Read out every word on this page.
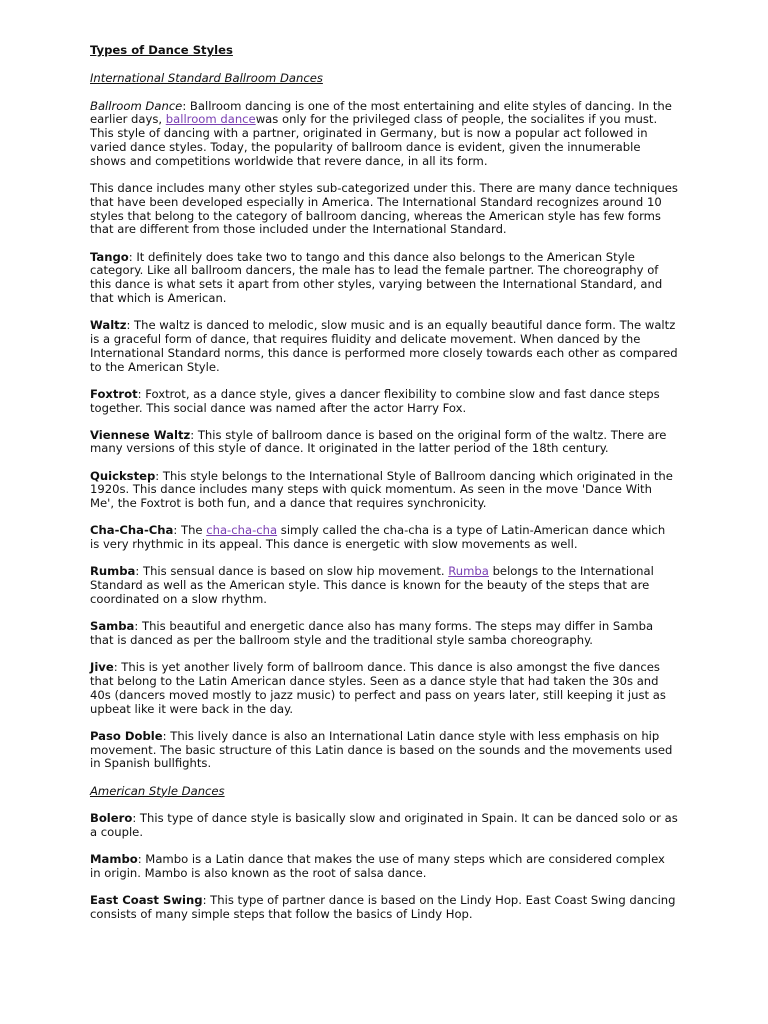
Types of Dance Styles
International Standard Ballroom Dances

Ballroom Dance: Ballroom dancing is one of the most entertaining and elite styles of dancing. In the earlier days, ballroom dancewas only for the privileged class of people, the socialites if you must. This style of dancing with a partner, originated in Germany, but is now a popular act followed in varied dance styles. Today, the popularity of ballroom dance is evident, given the innumerable shows and competitions worldwide that revere dance, in all its form.

This dance includes many other styles sub-categorized under this. There are many dance techniques that have been developed especially in America. The International Standard recognizes around 10 styles that belong to the category of ballroom dancing, whereas the American style has few forms that are different from those included under the International Standard.

Tango: It definitely does take two to tango and this dance also belongs to the American Style category. Like all ballroom dancers, the male has to lead the female partner. The choreography of this dance is what sets it apart from other styles, varying between the International Standard, and that which is American.

Waltz: The waltz is danced to melodic, slow music and is an equally beautiful dance form. The waltz is a graceful form of dance, that requires fluidity and delicate movement. When danced by the International Standard norms, this dance is performed more closely towards each other as compared to the American Style.

Foxtrot: Foxtrot, as a dance style, gives a dancer flexibility to combine slow and fast dance steps together. This social dance was named after the actor Harry Fox.

Viennese Waltz: This style of ballroom dance is based on the original form of the waltz. There are many versions of this style of dance. It originated in the latter period of the 18th century.

Quickstep: This style belongs to the International Style of Ballroom dancing which originated in the 1920s. This dance includes many steps with quick momentum. As seen in the move 'Dance With Me', the Foxtrot is both fun, and a dance that requires synchronicity.

Cha-Cha-Cha: The cha-cha-cha simply called the cha-cha is a type of Latin-American dance which is very rhythmic in its appeal. This dance is energetic with slow movements as well.

Rumba: This sensual dance is based on slow hip movement. Rumba belongs to the International Standard as well as the American style. This dance is known for the beauty of the steps that are coordinated on a slow rhythm.

Samba: This beautiful and energetic dance also has many forms. The steps may differ in Samba that is danced as per the ballroom style and the traditional style samba choreography.

Jive: This is yet another lively form of ballroom dance. This dance is also amongst the five dances that belong to the Latin American dance styles. Seen as a dance style that had taken the 30s and 40s (dancers moved mostly to jazz music) to perfect and pass on years later, still keeping it just as upbeat like it were back in the day.

Paso Doble: This lively dance is also an International Latin dance style with less emphasis on hip movement. The basic structure of this Latin dance is based on the sounds and the movements used in Spanish bullfights.

American Style Dances

Bolero: This type of dance style is basically slow and originated in Spain. It can be danced solo or as a couple.

Mambo: Mambo is a Latin dance that makes the use of many steps which are considered complex in origin. Mambo is also known as the root of salsa dance.

East Coast Swing: This type of partner dance is based on the Lindy Hop. East Coast Swing dancing consists of many simple steps that follow the basics of Lindy Hop.
